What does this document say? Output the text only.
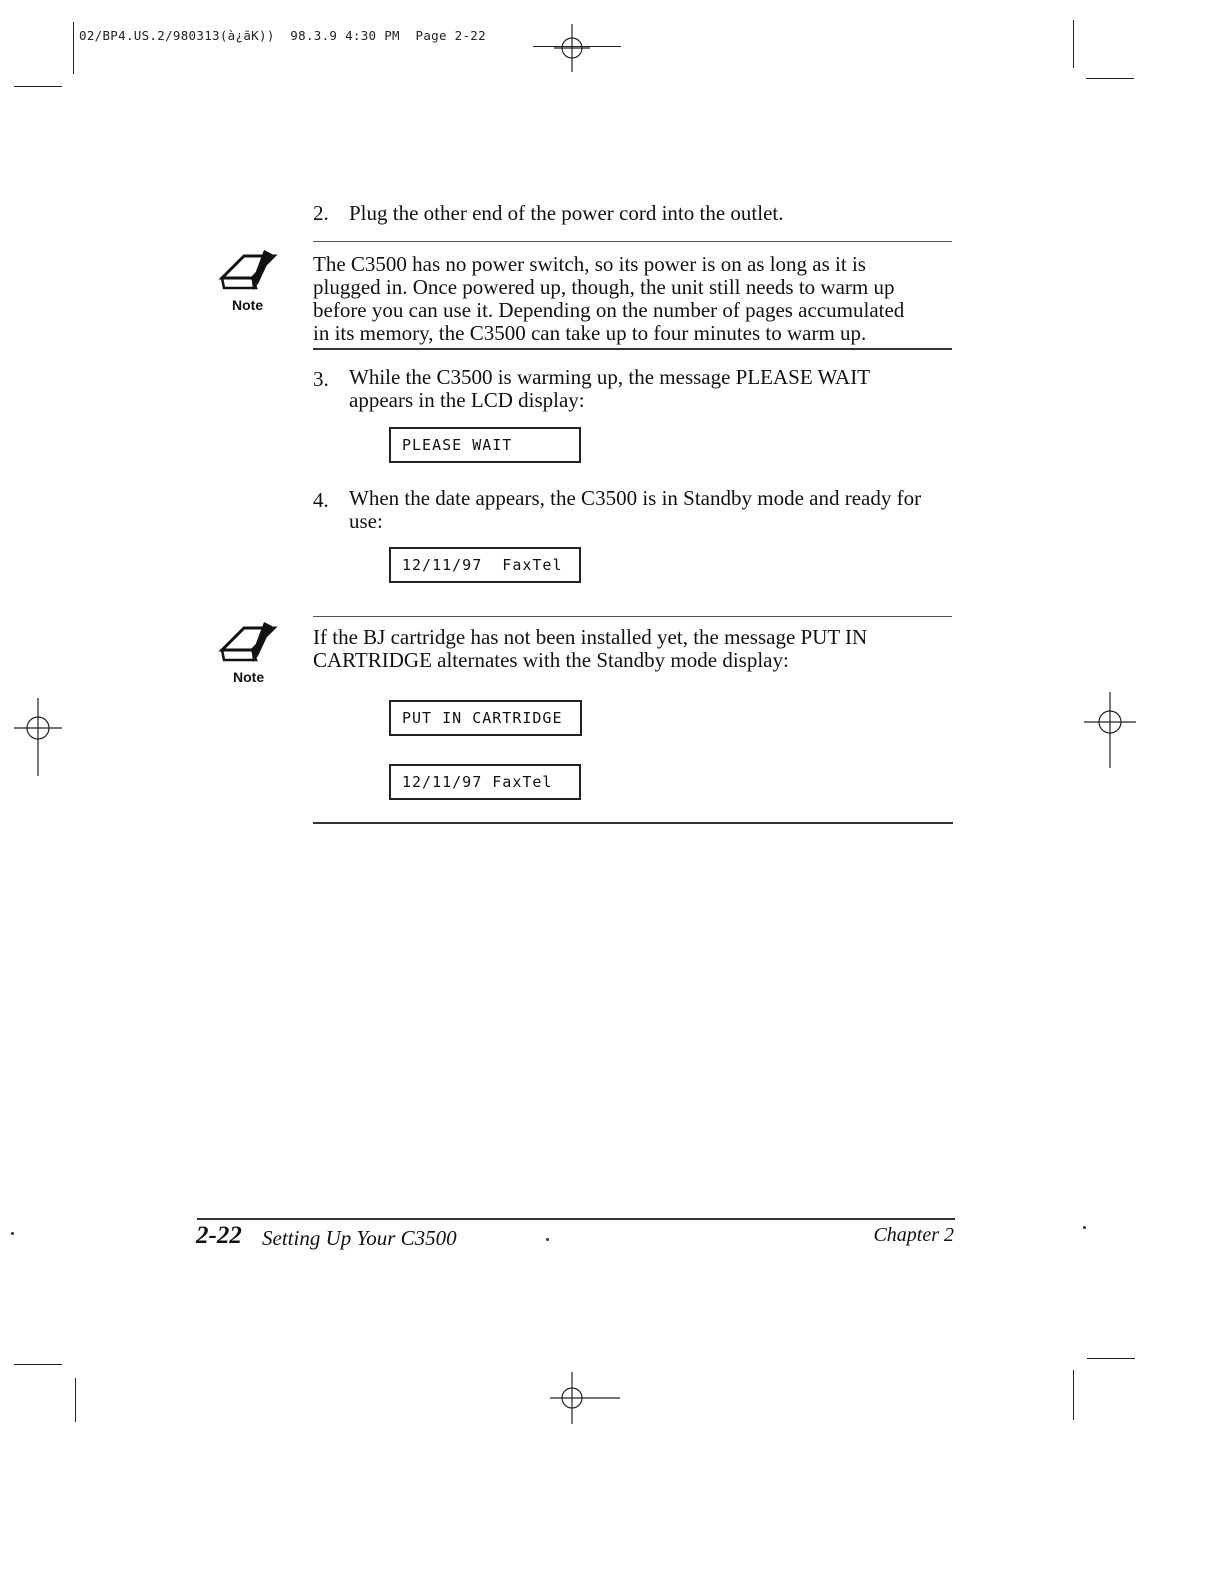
02/BP4.US.2/980313(à¿ãK))  98.3.9 4:30 PM  Page 2-22
2. Plug the other end of the power cord into the outlet.
Note
The C3500 has no power switch, so its power is on as long as it is
plugged in. Once powered up, though, the unit still needs to warm up
before you can use it. Depending on the number of pages accumulated
in its memory, the C3500 can take up to four minutes to warm up.
3. While the C3500 is warming up, the message PLEASE WAIT
appears in the LCD display:
PLEASE WAIT
4. When the date appears, the C3500 is in Standby mode and ready for
use:
12/11/97  FaxTel
Note
If the BJ cartridge has not been installed yet, the message PUT IN
CARTRIDGE alternates with the Standby mode display:
PUT IN CARTRIDGE
12/11/97 FaxTel
2-22 Setting Up Your C3500	Chapter 2
